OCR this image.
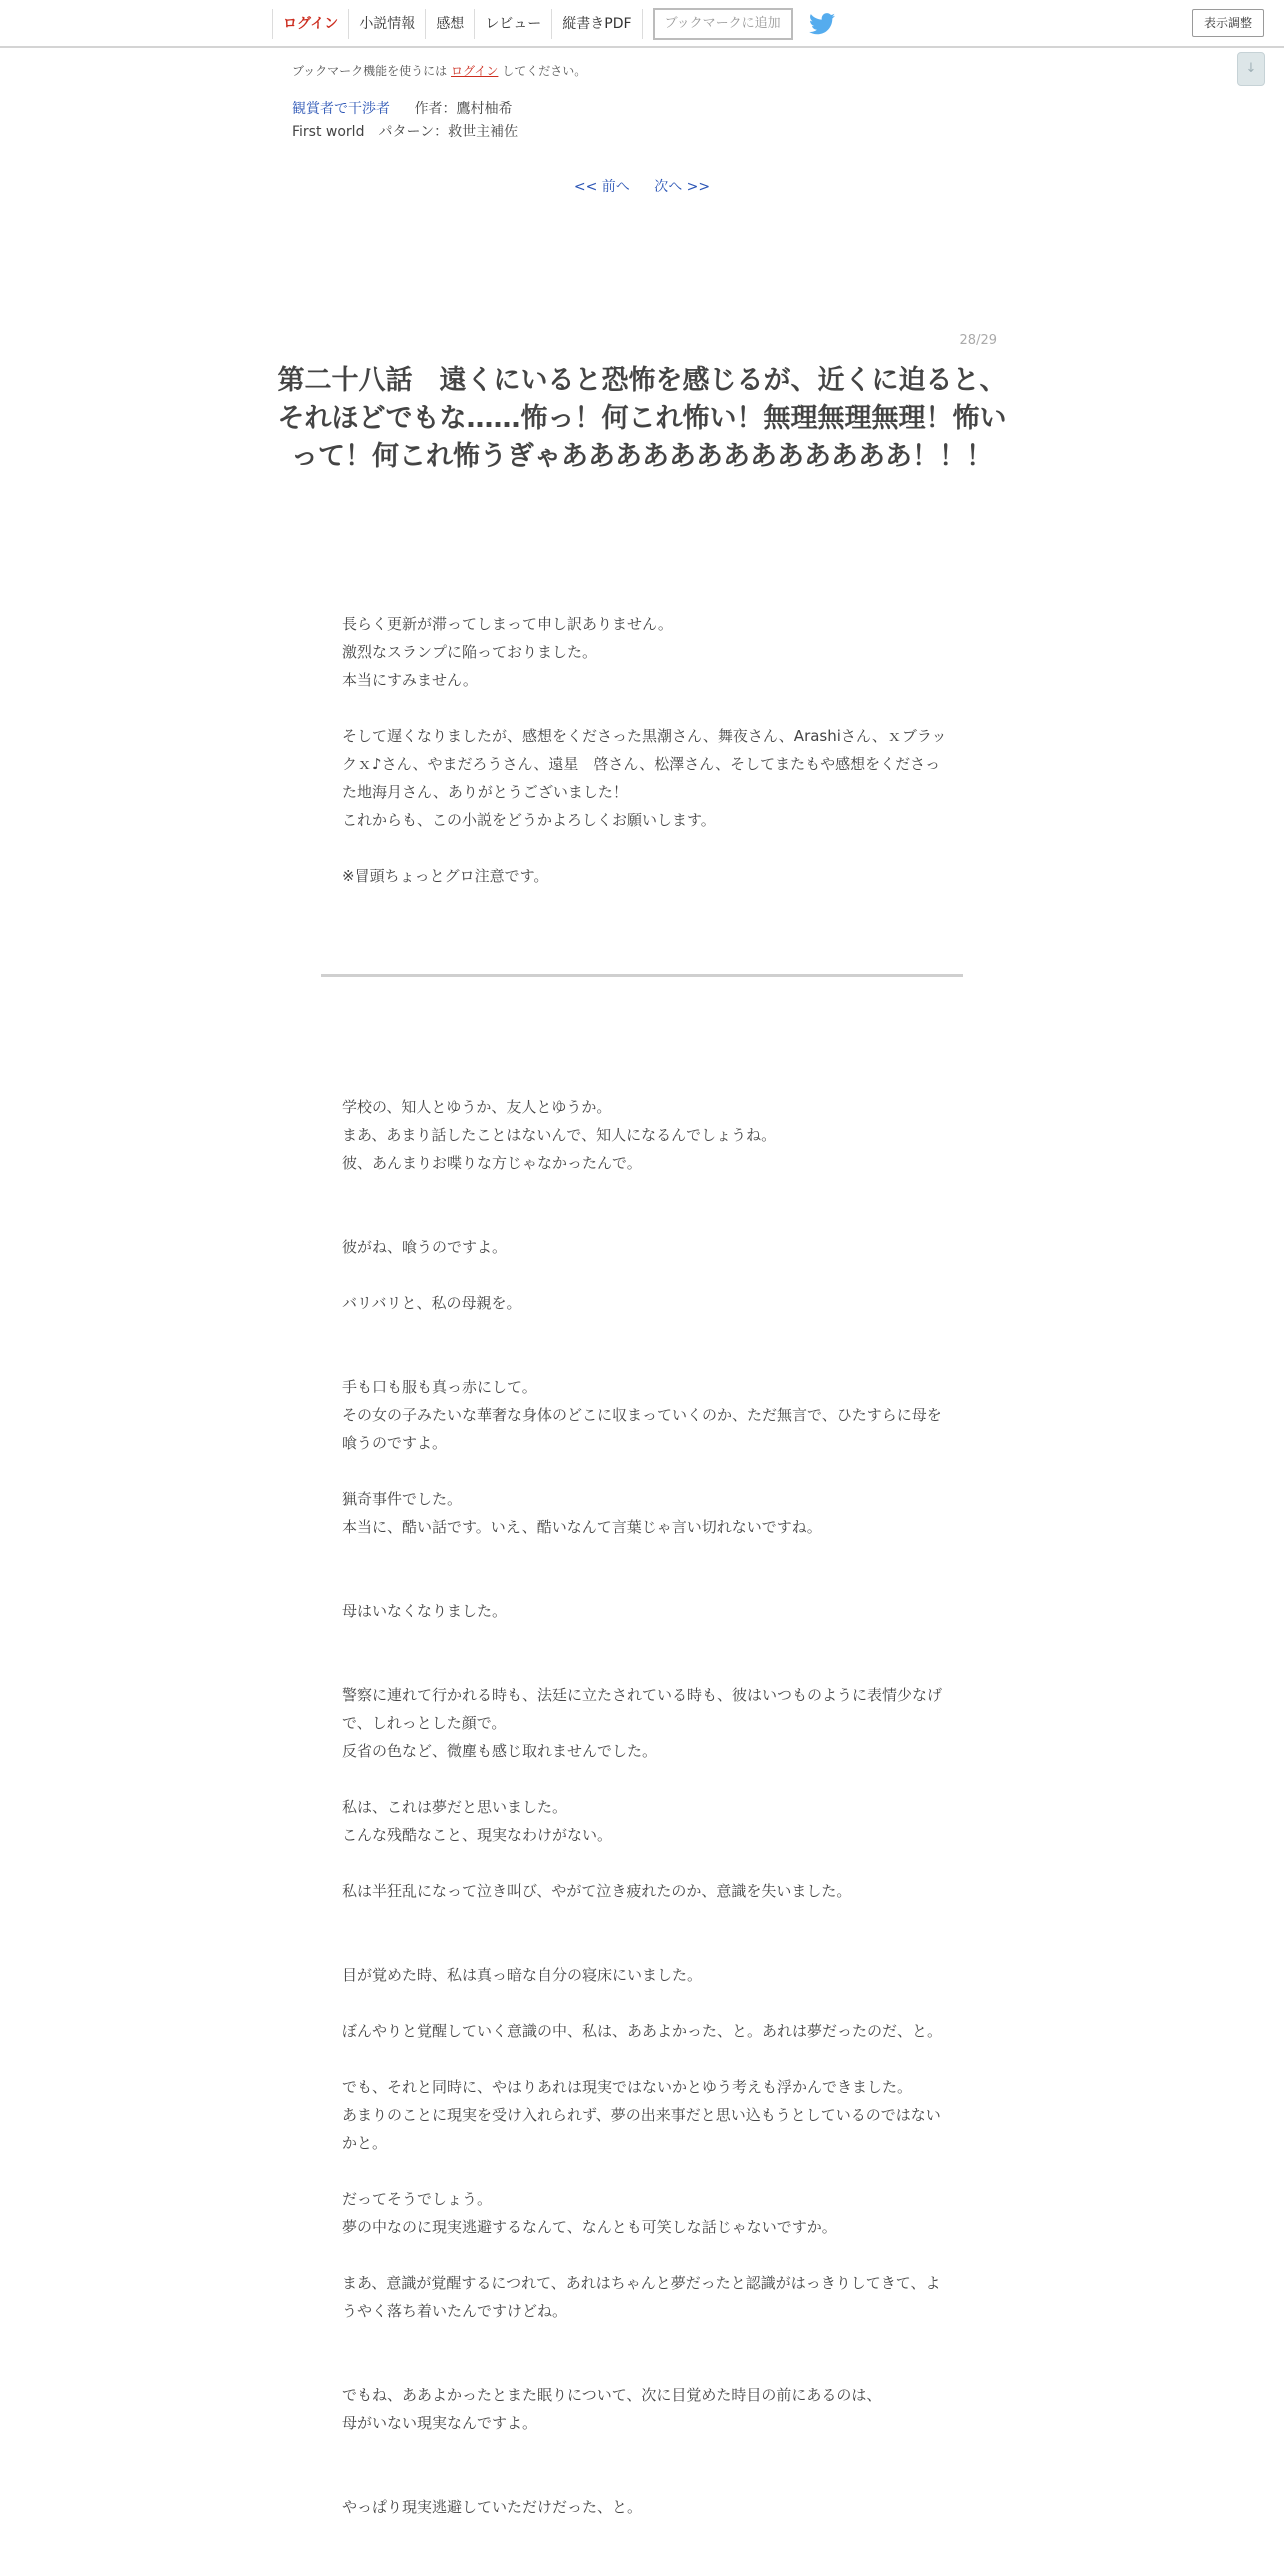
ログイン	小説情報	感想	レビュー	縦書きPDF	ブックマークに追加	表示調整
↓
ブックマーク機能を使うには ログイン してください。
観賞者で干渉者 作者：鷹村柚希
First world　パターン：救世主補佐
<< 前へ 次へ >>
28/29
第二十八話　遠くにいると恐怖を感じるが、近くに迫ると、それほどでもな……怖っ！何これ怖い！無理無理無理！怖いって！何これ怖うぎゃあああああああああああああ！！！

長らく更新が滞ってしまって申し訳ありません。
激烈なスランプに陥っておりました。
本当にすみません。

そして遅くなりましたが、感想をくださった黒潮さん、舞夜さん、Arashiさん、ｘブラックｘ♪さん、やまだろうさん、遠星　啓さん、松澤さん、そしてまたもや感想をくださった地海月さん、ありがとうございました！
これからも、この小説をどうかよろしくお願いします。

※冒頭ちょっとグロ注意です。

学校の、知人とゆうか、友人とゆうか。
まあ、あまり話したことはないんで、知人になるんでしょうね。
彼、あんまりお喋りな方じゃなかったんで。

彼がね、喰うのですよ。

バリバリと、私の母親を。

手も口も服も真っ赤にして。
その女の子みたいな華奢な身体のどこに収まっていくのか、ただ無言で、ひたすらに母を喰うのですよ。

猟奇事件でした。
本当に、酷い話です。いえ、酷いなんて言葉じゃ言い切れないですね。

母はいなくなりました。

警察に連れて行かれる時も、法廷に立たされている時も、彼はいつものように表情少なげで、しれっとした顔で。
反省の色など、微塵も感じ取れませんでした。

私は、これは夢だと思いました。
こんな残酷なこと、現実なわけがない。

私は半狂乱になって泣き叫び、やがて泣き疲れたのか、意識を失いました。

目が覚めた時、私は真っ暗な自分の寝床にいました。

ぼんやりと覚醒していく意識の中、私は、ああよかった、と。あれは夢だったのだ、と。

でも、それと同時に、やはりあれは現実ではないかとゆう考えも浮かんできました。
あまりのことに現実を受け入れられず、夢の出来事だと思い込もうとしているのではないかと。

だってそうでしょう。
夢の中なのに現実逃避するなんて、なんとも可笑しな話じゃないですか。

まあ、意識が覚醒するにつれて、あれはちゃんと夢だったと認識がはっきりしてきて、ようやく落ち着いたんですけどね。

でもね、ああよかったとまた眠りについて、次に目覚めた時目の前にあるのは、
母がいない現実なんですよ。

やっぱり現実逃避していただけだった、と。
